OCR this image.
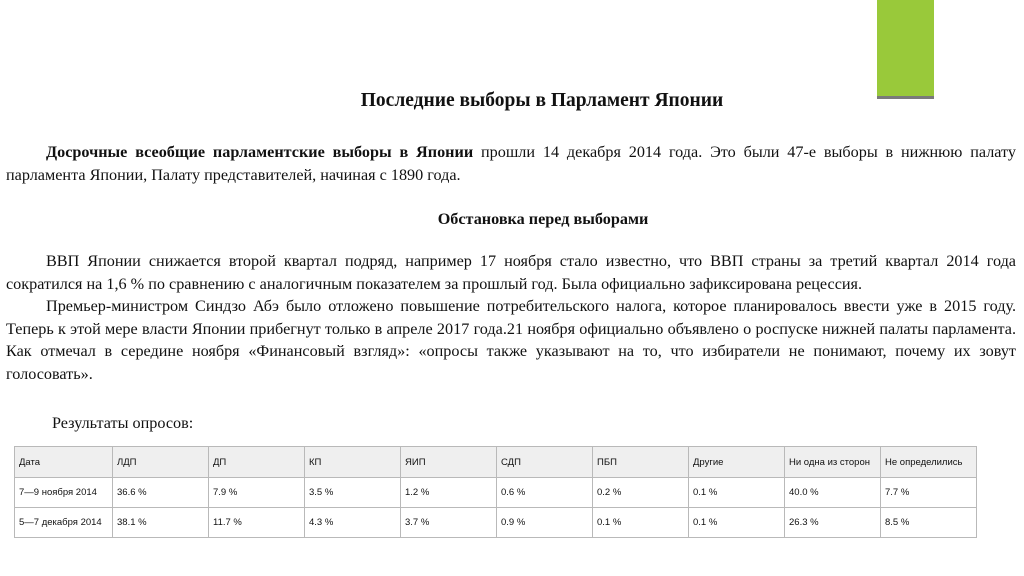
Последние выборы в Парламент Японии

Досрочные всеобщие парламентские выборы в Японии прошли 14 декабря 2014 года. Это были 47-е выборы в нижнюю палату парламента Японии, Палату представителей, начиная с 1890 года.

Обстановка перед выборами

ВВП Японии снижается второй квартал подряд, например 17 ноября стало известно, что ВВП страны за третий квартал 2014 года сократился на 1,6 % по сравнению с аналогичным показателем за прошлый год. Была официально зафиксирована рецессия.

Премьер-министром Синдзо Абэ было отложено повышение потребительского налога, которое планировалось ввести уже в 2015 году. Теперь к этой мере власти Японии прибегнут только в апреле 2017 года.21 ноября официально объявлено о роспуске нижней палаты парламента. Как отмечал в середине ноября «Финансовый взгляд»: «опросы также указывают на то, что избиратели не понимают, почему их зовут голосовать».

Результаты опросов:
Дата	ЛДП	ДП	КП	ЯИП	СДП	ПБП	Другие	Ни одна из сторон	Не определились
7—9 ноября 2014	36.6 %	7.9 %	3.5 %	1.2 %	0.6 %	0.2 %	0.1 %	40.0 %	7.7 %
5—7 декабря 2014	38.1 %	11.7 %	4.3 %	3.7 %	0.9 %	0.1 %	0.1 %	26.3 %	8.5 %
